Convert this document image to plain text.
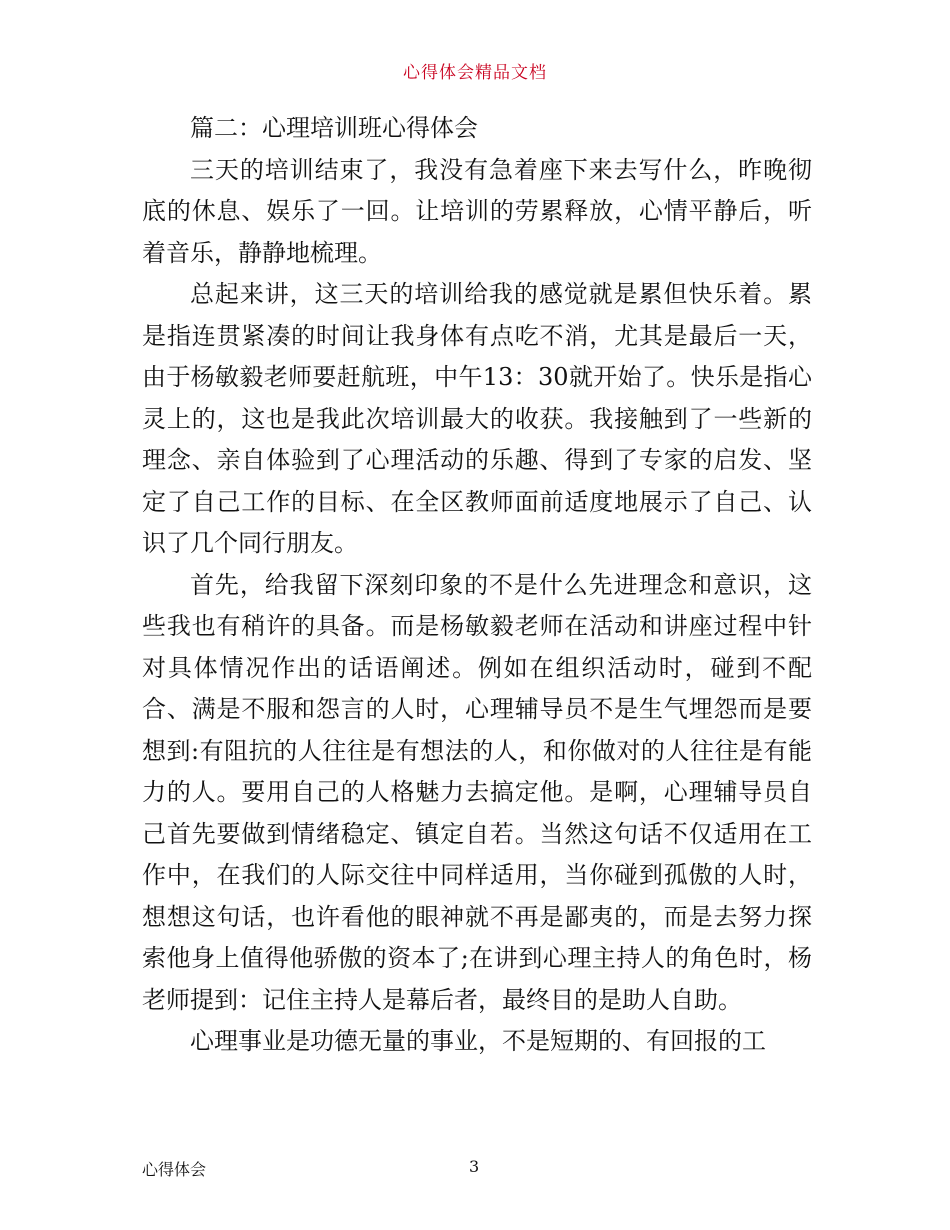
心得体会精品文档

篇二：心理培训班心得体会

三天的培训结束了，我没有急着座下来去写什么，昨晚彻底的休息、娱乐了一回。让培训的劳累释放，心情平静后，听着音乐，静静地梳理。

总起来讲，这三天的培训给我的感觉就是累但快乐着。累是指连贯紧凑的时间让我身体有点吃不消，尤其是最后一天，由于杨敏毅老师要赶航班，中午13：30就开始了。快乐是指心灵上的，这也是我此次培训最大的收获。我接触到了一些新的理念、亲自体验到了心理活动的乐趣、得到了专家的启发、坚定了自己工作的目标、在全区教师面前适度地展示了自己、认识了几个同行朋友。

首先，给我留下深刻印象的不是什么先进理念和意识，这些我也有稍许的具备。而是杨敏毅老师在活动和讲座过程中针对具体情况作出的话语阐述。例如在组织活动时，碰到不配合、满是不服和怨言的人时，心理辅导员不是生气埋怨而是要想到:有阻抗的人往往是有想法的人，和你做对的人往往是有能力的人。要用自己的人格魅力去搞定他。是啊，心理辅导员自己首先要做到情绪稳定、镇定自若。当然这句话不仅适用在工作中，在我们的人际交往中同样适用，当你碰到孤傲的人时，想想这句话，也许看他的眼神就不再是鄙夷的，而是去努力探索他身上值得他骄傲的资本了;在讲到心理主持人的角色时，杨老师提到：记住主持人是幕后者，最终目的是助人自助。

心理事业是功德无量的事业，不是短期的、有回报的工

心得体会	3
